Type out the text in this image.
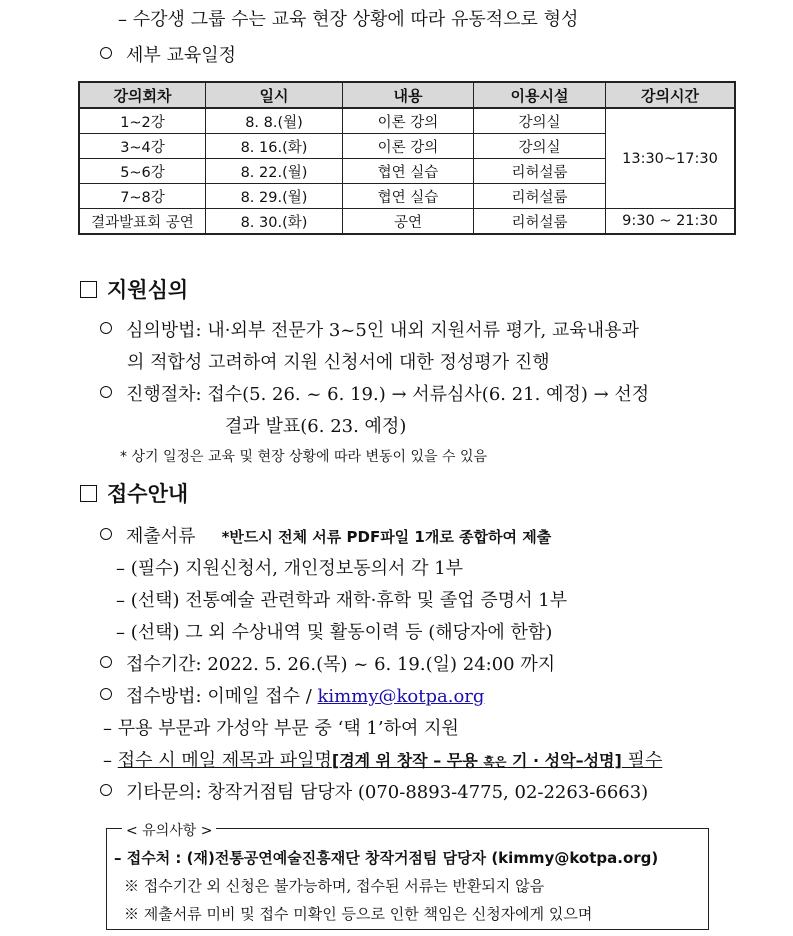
– 수강생 그룹 수는 교육 현장 상황에 따라 유동적으로 형성
세부 교육일정
강의회차	일시	내용	이용시설	강의시간
1~2강	8. 8.(월)	이론 강의	강의실	13:30~17:30
3~4강	8. 16.(화)	이론 강의	강의실	
5~6강	8. 22.(월)	협연 실습	리허설룸	
7~8강	8. 29.(월)	협연 실습	리허설룸	
결과발표회 공연	8. 30.(화)	공연	리허설룸	9:30 ~ 21:30
지원심의
심의방법: 내·외부 전문가 3~5인 내외 지원서류 평가, 교육내용과
의 적합성 고려하여 지원 신청서에 대한 정성평가 진행
진행절차: 접수(5. 26. ~ 6. 19.) → 서류심사(6. 21. 예정) → 선정
결과 발표(6. 23. 예정)
* 상기 일정은 교육 및 현장 상황에 따라 변동이 있을 수 있음
접수안내
제출서류 *반드시 전체 서류 PDF파일 1개로 종합하여 제출
– (필수) 지원신청서, 개인정보동의서 각 1부
– (선택) 전통예술 관련학과 재학·휴학 및 졸업 증명서 1부
– (선택) 그 외 수상내역 및 활동이력 등 (해당자에 한함)
접수기간: 2022. 5. 26.(목) ~ 6. 19.(일) 24:00 까지
접수방법: 이메일 접수 / kimmy@kotpa.org
– 무용 부문과 가성악 부문 중 ‘택 1’하여 지원
– 접수 시 메일 제목과 파일명[경계 위 창작 – 무용 혹은 기 · 성악–성명] 필수
기타문의: 창작거점팀 담당자 (070-8893-4775, 02-2263-6663)
< 유의사항 >
– 접수처 : (재)전통공연예술진흥재단 창작거점팀 담당자 (kimmy@kotpa.org)
※ 접수기간 외 신청은 불가능하며, 접수된 서류는 반환되지 않음
※ 제출서류 미비 및 접수 미확인 등으로 인한 책임은 신청자에게 있으며
